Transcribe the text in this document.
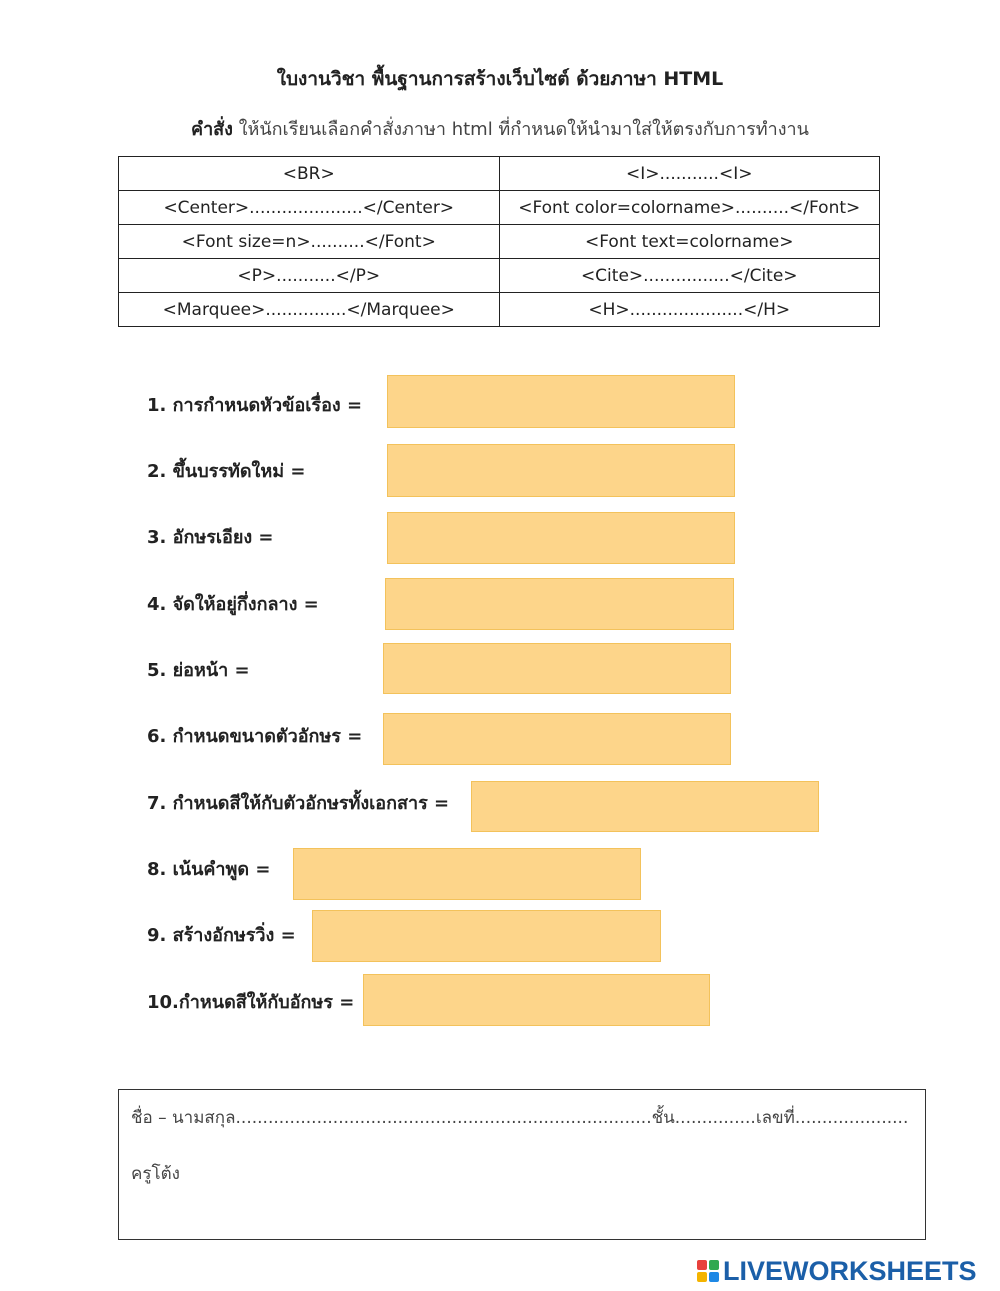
ใบงานวิชา พื้นฐานการสร้างเว็บไซต์ ด้วยภาษา HTML
คำสั่ง ให้นักเรียนเลือกคำสั่งภาษา html ที่กำหนดให้นำมาใส่ให้ตรงกับการทำงาน
<BR>	<I>...........<I>
<Center>.....................</Center>	<Font color=colorname>..........</Font>
<Font size=n>..........</Font>	<Font text=colorname>
<P>...........</P>	<Cite>................</Cite>
<Marquee>...............</Marquee>	<H>.....................</H>
1. การกำหนดหัวข้อเรื่อง =
2. ขึ้นบรรทัดใหม่ =
3. อักษรเอียง =
4. จัดให้อยู่กึ่งกลาง =
5. ย่อหน้า =
6. กำหนดขนาดตัวอักษร =
7. กำหนดสีให้กับตัวอักษรทั้งเอกสาร =
8. เน้นคำพูด =
9. สร้างอักษรวิ่ง =
10.กำหนดสีให้กับอักษร =
ชื่อ – นามสกุล.............................................................................ชั้น...............เลขที่.....................
ครูโต้ง
LIVEWORKSHEETS
